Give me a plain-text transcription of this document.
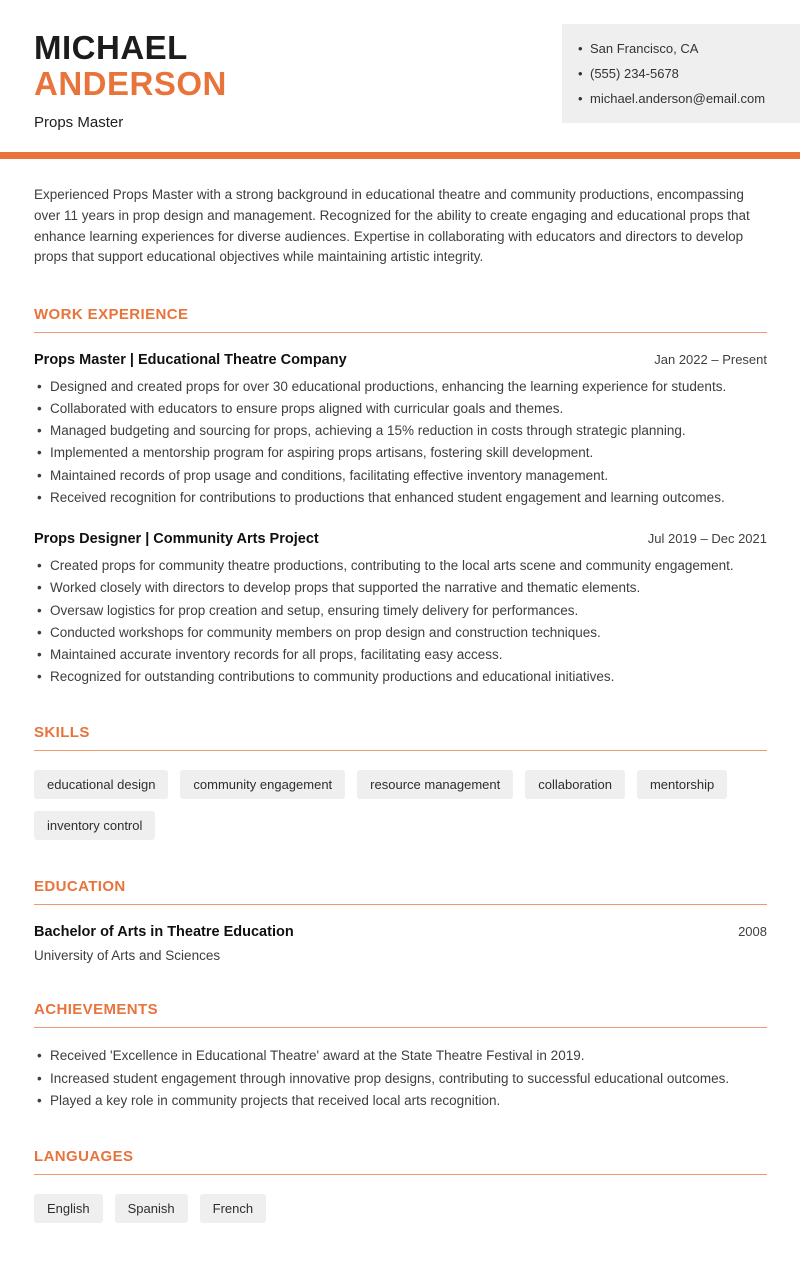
MICHAEL
ANDERSON
Props Master
• San Francisco, CA
• (555) 234-5678
• michael.anderson@email.com

Experienced Props Master with a strong background in educational theatre and community productions, encompassing over 11 years in prop design and management. Recognized for the ability to create engaging and educational props that enhance learning experiences for diverse audiences. Expertise in collaborating with educators and directors to develop props that support educational objectives while maintaining artistic integrity.

WORK EXPERIENCE
Props Master | Educational Theatre Company	Jan 2022 – Present
• Designed and created props for over 30 educational productions, enhancing the learning experience for students.
• Collaborated with educators to ensure props aligned with curricular goals and themes.
• Managed budgeting and sourcing for props, achieving a 15% reduction in costs through strategic planning.
• Implemented a mentorship program for aspiring props artisans, fostering skill development.
• Maintained records of prop usage and conditions, facilitating effective inventory management.
• Received recognition for contributions to productions that enhanced student engagement and learning outcomes.
Props Designer | Community Arts Project	Jul 2019 – Dec 2021
• Created props for community theatre productions, contributing to the local arts scene and community engagement.
• Worked closely with directors to develop props that supported the narrative and thematic elements.
• Oversaw logistics for prop creation and setup, ensuring timely delivery for performances.
• Conducted workshops for community members on prop design and construction techniques.
• Maintained accurate inventory records for all props, facilitating easy access.
• Recognized for outstanding contributions to community productions and educational initiatives.
SKILLS
educational design	community engagement	resource management	collaboration	mentorship
inventory control
EDUCATION
Bachelor of Arts in Theatre Education	2008
University of Arts and Sciences
ACHIEVEMENTS
• Received 'Excellence in Educational Theatre' award at the State Theatre Festival in 2019.
• Increased student engagement through innovative prop designs, contributing to successful educational outcomes.
• Played a key role in community projects that received local arts recognition.
LANGUAGES
English	Spanish	French
